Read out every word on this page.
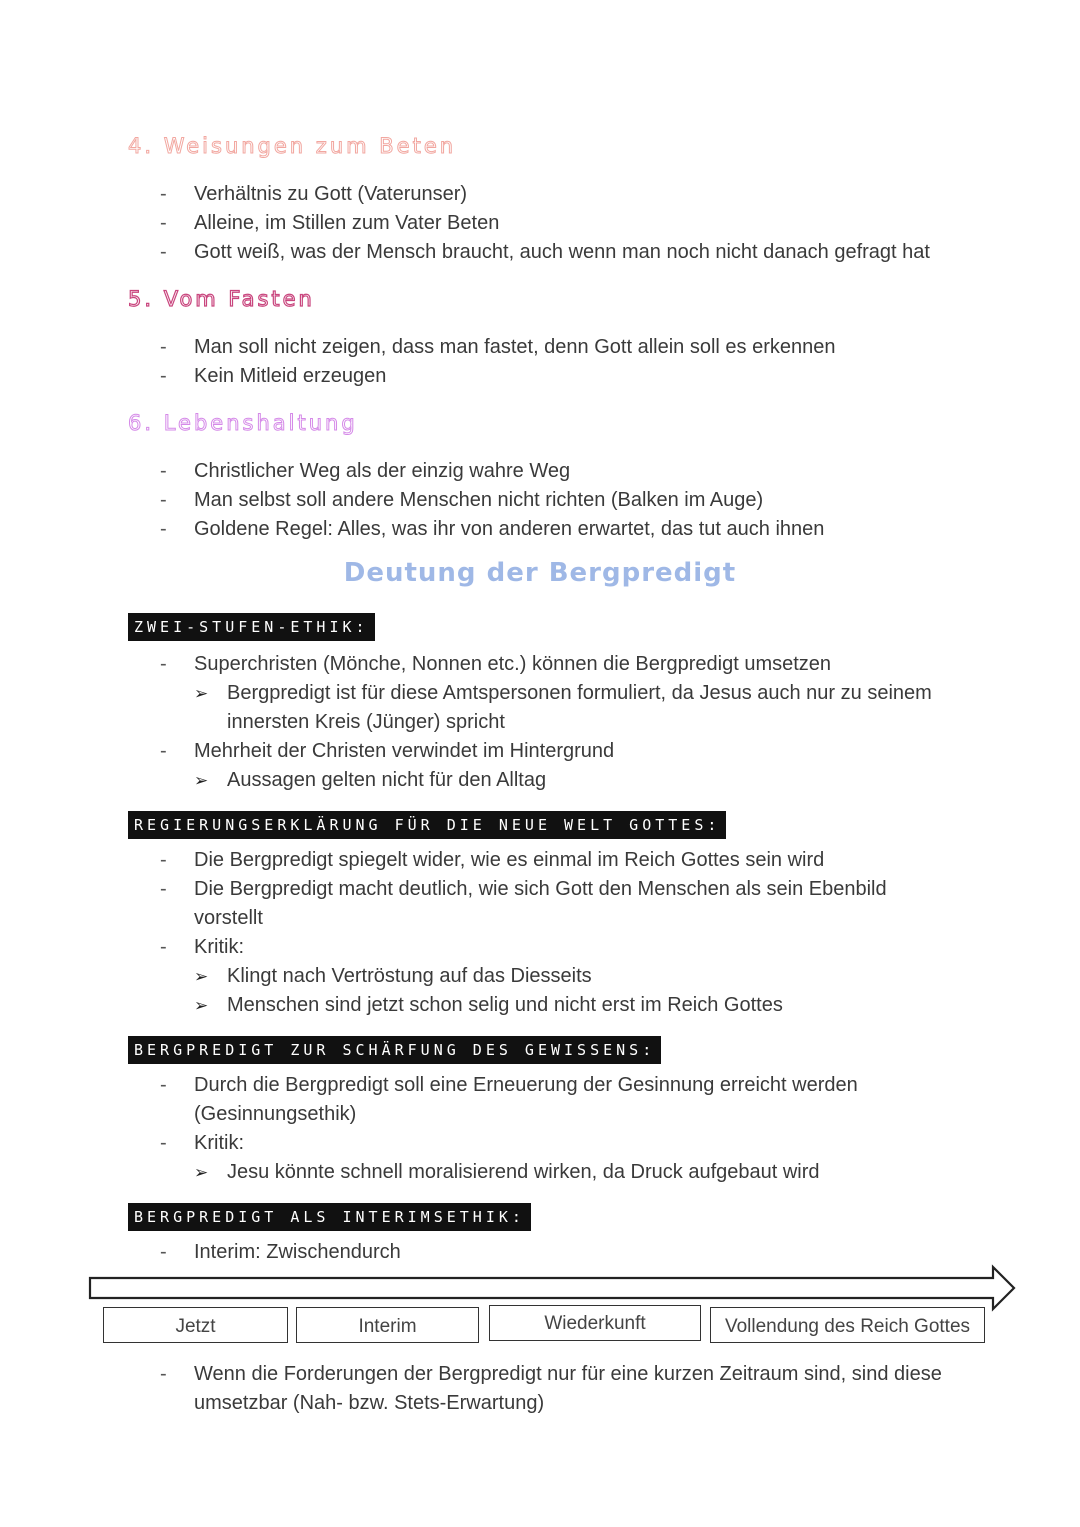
4. Weisungen zum Beten
- Verhältnis zu Gott (Vaterunser)
- Alleine, im Stillen zum Vater Beten
- Gott weiß, was der Mensch braucht, auch wenn man noch nicht danach gefragt hat
5. Vom Fasten
- Man soll nicht zeigen, dass man fastet, denn Gott allein soll es erkennen
- Kein Mitleid erzeugen
6. Lebenshaltung
- Christlicher Weg als der einzig wahre Weg
- Man selbst soll andere Menschen nicht richten (Balken im Auge)
- Goldene Regel: Alles, was ihr von anderen erwartet, das tut auch ihnen
Deutung der Bergpredigt
ZWEI-STUFEN-ETHIK:
- Superchristen (Mönche, Nonnen etc.) können die Bergpredigt umsetzen
➢ Bergpredigt ist für diese Amtspersonen formuliert, da Jesus auch nur zu seinem
innersten Kreis (Jünger) spricht
- Mehrheit der Christen verwindet im Hintergrund
➢ Aussagen gelten nicht für den Alltag
REGIERUNGSERKLÄRUNG FÜR DIE NEUE WELT GOTTES:
- Die Bergpredigt spiegelt wider, wie es einmal im Reich Gottes sein wird
- Die Bergpredigt macht deutlich, wie sich Gott den Menschen als sein Ebenbild
vorstellt
- Kritik:
➢ Klingt nach Vertröstung auf das Diesseits
➢ Menschen sind jetzt schon selig und nicht erst im Reich Gottes
BERGPREDIGT ZUR SCHÄRFUNG DES GEWISSENS:
- Durch die Bergpredigt soll eine Erneuerung der Gesinnung erreicht werden
(Gesinnungsethik)
- Kritik:
➢ Jesu könnte schnell moralisierend wirken, da Druck aufgebaut wird
BERGPREDIGT ALS INTERIMSETHIK:
- Interim: Zwischendurch
Jetzt	Interim	Wiederkunft	Vollendung des Reich Gottes
- Wenn die Forderungen der Bergpredigt nur für eine kurzen Zeitraum sind, sind diese
umsetzbar (Nah- bzw. Stets-Erwartung)
